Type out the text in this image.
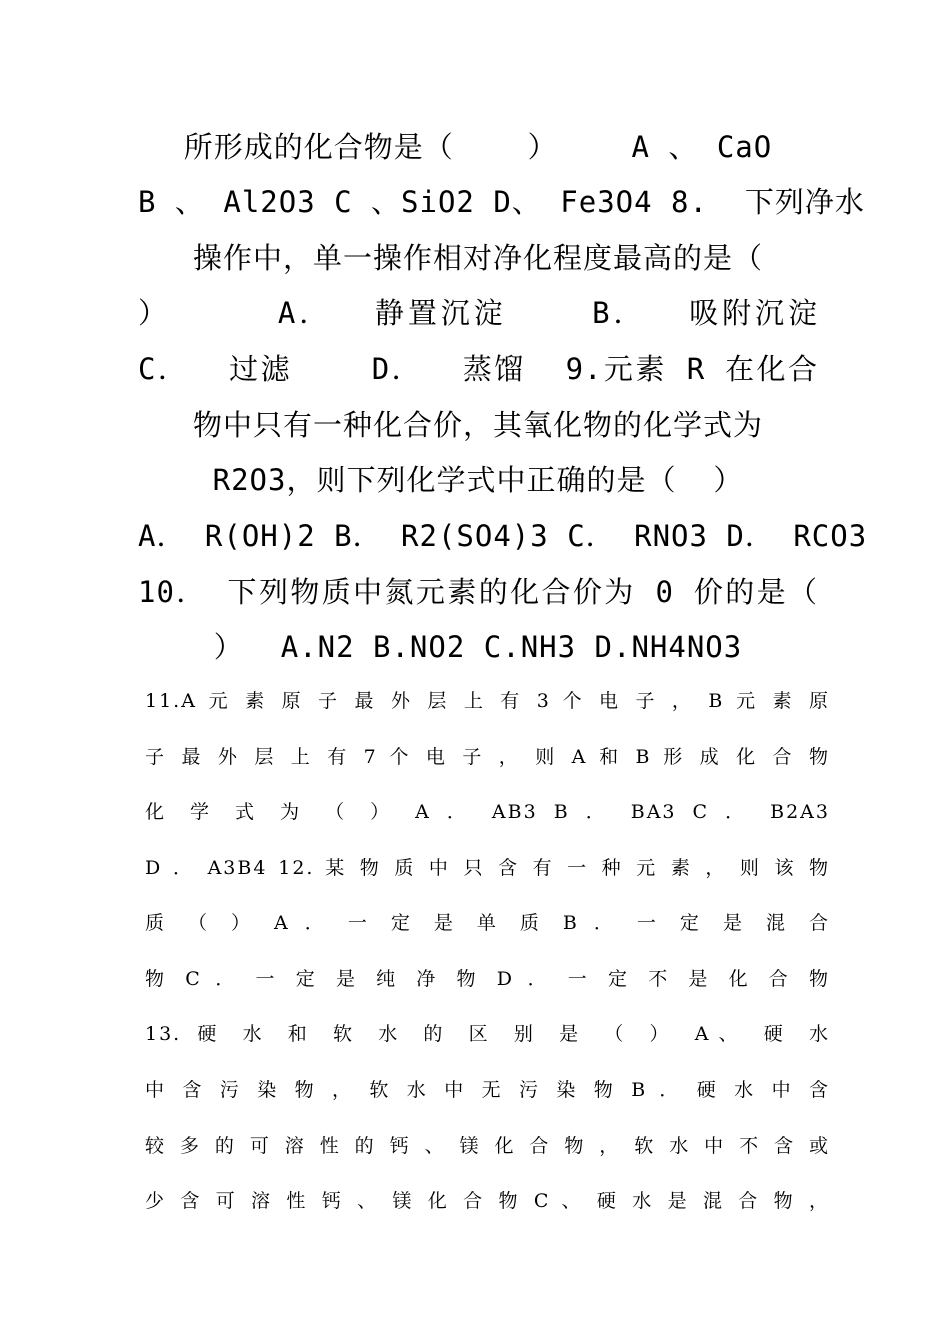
所形成的化合物是（    ）    A 、 CaO
B 、 Al2O3 C 、SiO2 D、 Fe3O4 8.  下列净水
操作中，单一操作相对净化程度最高的是（
）     A．  静置沉淀    B．  吸附沉淀
C．  过滤    D．  蒸馏  9.元素 R 在化合
物中只有一种化合价，其氧化物的化学式为
R2O3，则下列化学式中正确的是（  ）
A． R(OH)2 B． R2(SO4)3 C． RNO3 D． RCO3
10． 下列物质中氮元素的化合价为 0 价的是（
）  A.N2 B.NO2 C.NH3 D.NH4NO3
11.A 元 素 原 子 最 外 层 上 有 3 个 电 子 ， B 元 素 原
子 最 外 层 上 有 7 个 电 子 ， 则 A 和 B 形 成 化 合 物
化 学 式 为 （ ） A ． AB3 B ． BA3 C ． B2A3
D ． A3B4 12. 某 物 质 中 只 含 有 一 种 元 素 ， 则 该 物
质 （ ） A ． 一 定 是 单 质 B ． 一 定 是 混 合
物 C ． 一 定 是 纯 净 物 D ． 一 定 不 是 化 合 物
13. 硬 水 和 软 水 的 区 别 是 （ ） A、 硬 水
中 含 污 染 物 ， 软 水 中 无 污 染 物 B ． 硬 水 中 含
较 多 的 可 溶 性 的 钙 、 镁 化 合 物 ， 软 水 中 不 含 或
少 含 可 溶 性 钙 、 镁 化 合 物 C 、 硬 水 是 混 合 物 ，
